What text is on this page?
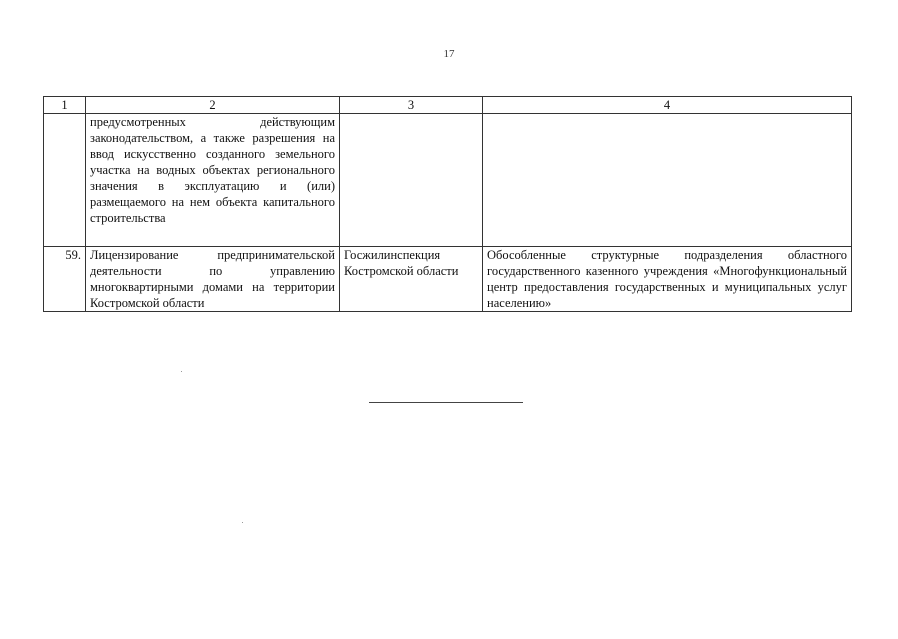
17
1	2	3	4
	предусмотренных действующим законодательством, а также разрешения на ввод искусственно созданного земельного участка на водных объектах регионального значения в эксплуатацию и (или) размещаемого на нем объекта капитального строительства		
59.	Лицензирование предпринимательской деятельности по управлению многоквартирными домами на территории Костромской области	Госжилинспекция Костромской области	Обособленные структурные подразделения областного государственного казенного учреждения «Многофункциональный центр предоставления государственных и муниципальных услуг населению»
